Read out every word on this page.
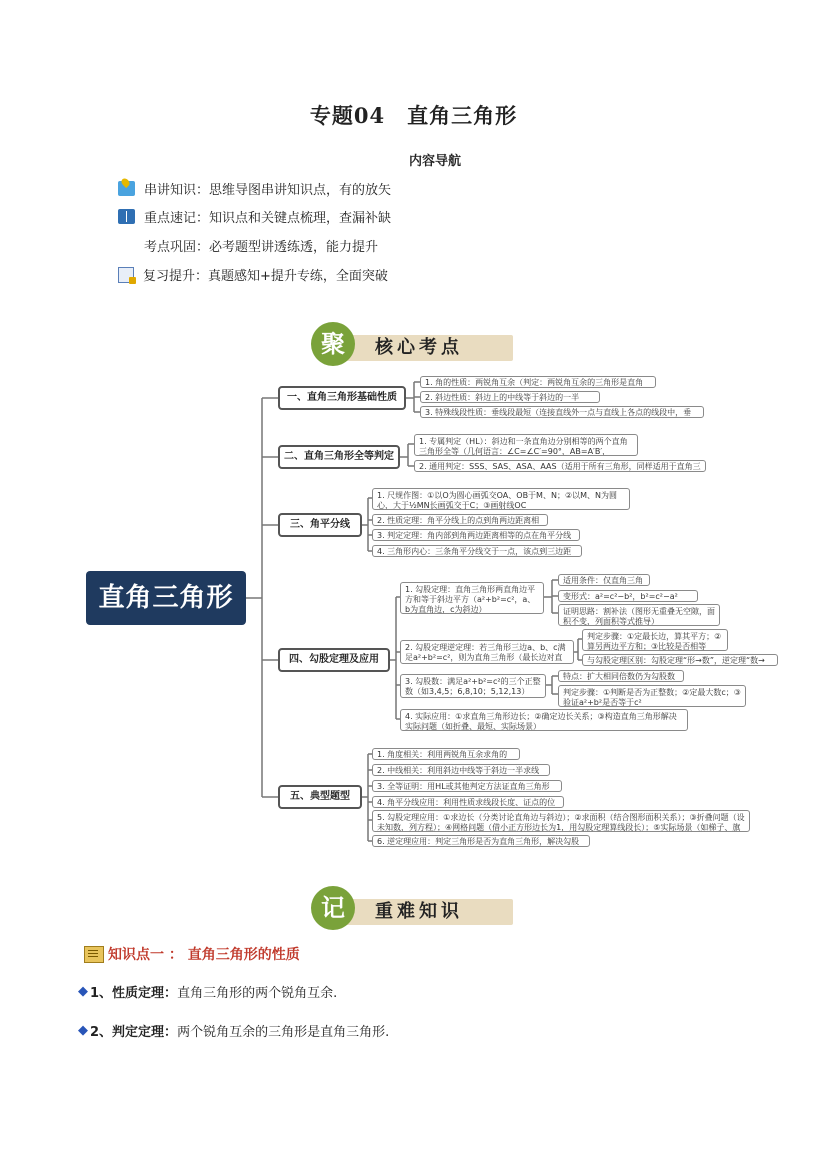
专题04 直角三角形
内容导航
串讲知识：思维导图串讲知识点，有的放矢
重点速记：知识点和关键点梳理，查漏补缺
考点巩固：必考题型讲透练透，能力提升
复习提升：真题感知+提升专练，全面突破
聚	核心考点
直角三角形
一、直角三角形基础性质
1. 角的性质：两锐角互余（判定：两锐角互余的三角形是直角
2. 斜边性质：斜边上的中线等于斜边的一半
3. 特殊线段性质：垂线段最短（连接直线外一点与直线上各点的线段中，垂
二、直角三角形全等判定
1. 专属判定（HL）：斜边和一条直角边分别相等的两个直角三角形全等（几何语言：∠C=∠C′=90°，AB=A′B′，
2. 通用判定：SSS、SAS、ASA、AAS（适用于所有三角形，同样适用于直角三
三、角平分线
1. 尺规作图：①以O为圆心画弧交OA、OB于M、N；②以M、N为圆心，大于½MN长画弧交于C；③画射线OC
2. 性质定理：角平分线上的点到角两边距离相
3. 判定定理：角内部到角两边距离相等的点在角平分线
4. 三角形内心：三条角平分线交于一点，该点到三边距
四、勾股定理及应用
1. 勾股定理：直角三角形两直角边平方和等于斜边平方（a²+b²=c²，a、b为直角边，c为斜边）
2. 勾股定理逆定理：若三角形三边a、b、c满足a²+b²=c²，则为直角三角形（最长边对直
3. 勾股数：满足a²+b²=c²的三个正整数（如3,4,5；6,8,10；5,12,13）
4. 实际应用：①求直角三角形边长；②确定边长关系；③构造直角三角形解决实际问题（如折叠、最短、实际场景）
适用条件：仅直角三角
变形式：a²=c²−b²，b²=c²−a²
证明思路：割补法（图形无重叠无空隙，面积不变，列面积等式推导）
判定步骤：①定最长边，算其平方；②算另两边平方和；③比较是否相等
与勾股定理区别：勾股定理“形→数”，逆定理“数→
特点：扩大相同倍数仍为勾股数
判定步骤：①判断是否为正整数；②定最大数c；③验证a²+b²是否等于c²
五、典型题型
1. 角度相关：利用两锐角互余求角的
2. 中线相关：利用斜边中线等于斜边一半求线
3. 全等证明：用HL或其他判定方法证直角三角形
4. 角平分线应用：利用性质求线段长度、证点的位
5. 勾股定理应用：①求边长（分类讨论直角边与斜边）；②求面积（结合图形面积关系）；③折叠问题（设未知数，列方程）；④网格问题（借小正方形边长为1，用勾股定理算线段长）；⑤实际场景（如梯子、旗
6. 逆定理应用：判定三角形是否为直角三角形，解决勾股
记	重难知识
知识点一 ： 直角三角形的性质
◆ 1、 性质定理： 直角三角形的两个锐角互余.
◆ 2、 判定定理： 两个锐角互余的三角形是直角三角形.
